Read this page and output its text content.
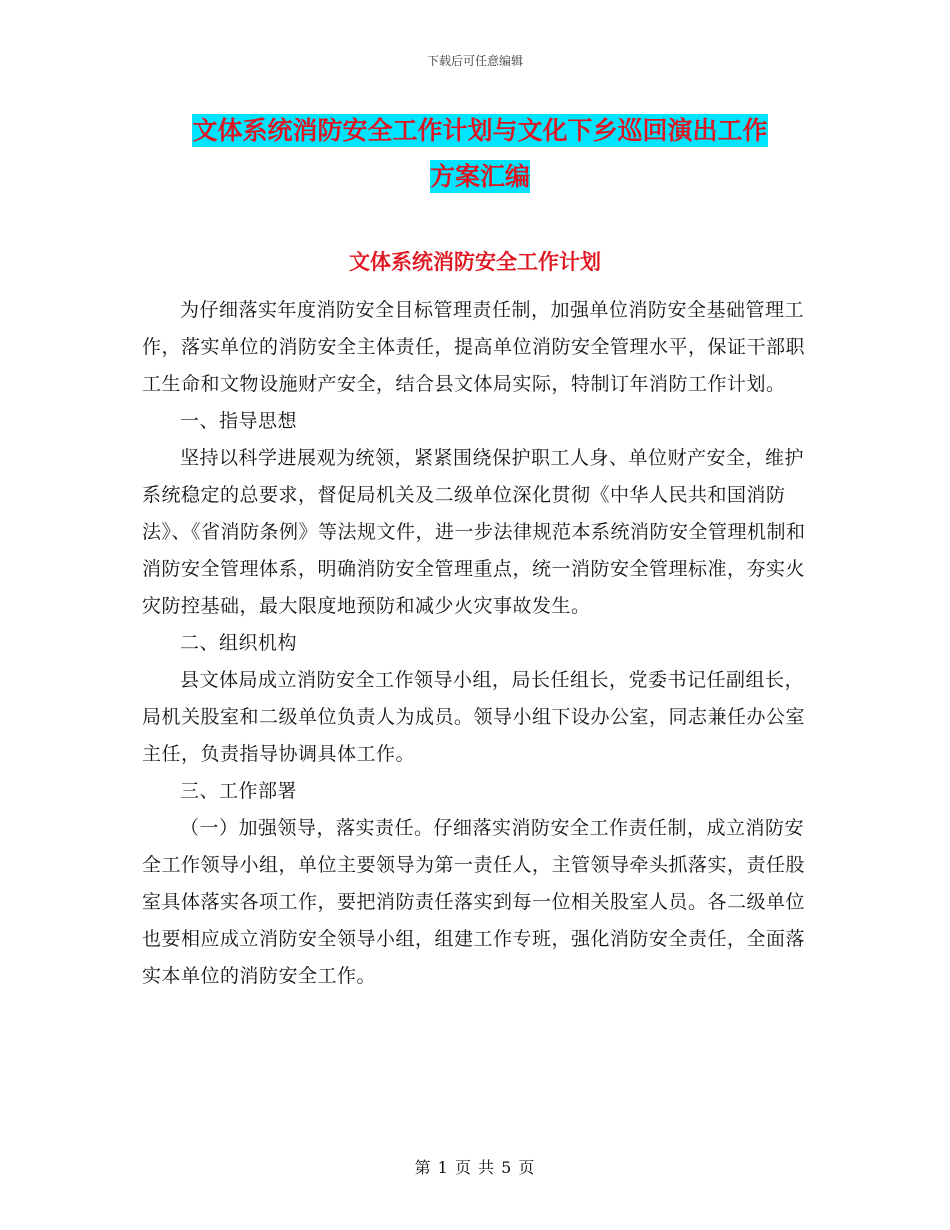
下载后可任意编辑
文体系统消防安全工作计划与文化下乡巡回演出工作
方案汇编
文体系统消防安全工作计划

为仔细落实年度消防安全目标管理责任制，加强单位消防安全基础管理工作，落实单位的消防安全主体责任，提高单位消防安全管理水平，保证干部职工生命和文物设施财产安全，结合县文体局实际，特制订年消防工作计划。

一、指导思想

坚持以科学进展观为统领，紧紧围绕保护职工人身、单位财产安全，维护系统稳定的总要求，督促局机关及二级单位深化贯彻《中华人民共和国消防法》、《省消防条例》等法规文件，进一步法律规范本系统消防安全管理机制和消防安全管理体系，明确消防安全管理重点，统一消防安全管理标准，夯实火灾防控基础，最大限度地预防和减少火灾事故发生。

二、组织机构

县文体局成立消防安全工作领导小组，局长任组长，党委书记任副组长，局机关股室和二级单位负责人为成员。领导小组下设办公室，同志兼任办公室主任，负责指导协调具体工作。

三、工作部署

（一）加强领导，落实责任。仔细落实消防安全工作责任制，成立消防安全工作领导小组，单位主要领导为第一责任人，主管领导牵头抓落实，责任股室具体落实各项工作，要把消防责任落实到每一位相关股室人员。各二级单位也要相应成立消防安全领导小组，组建工作专班，强化消防安全责任，全面落实本单位的消防安全工作。

第 1 页 共 5 页
